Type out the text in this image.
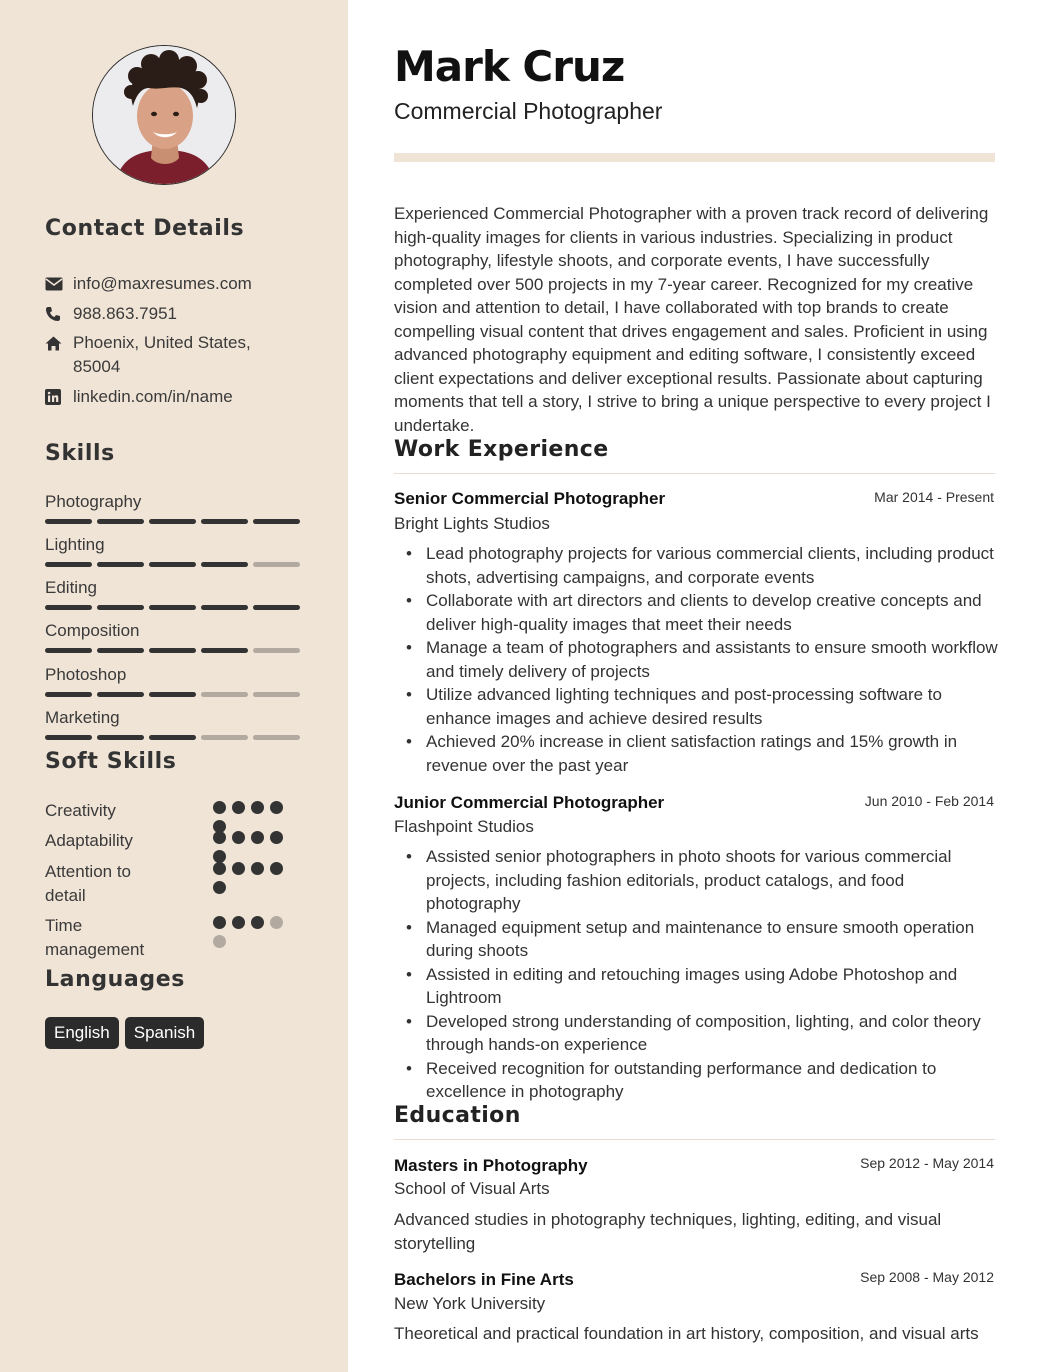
Contact Details
info@maxresumes.com
988.863.7951
Phoenix, United States, 85004
linkedin.com/in/name
Skills
Photography
Lighting
Editing
Composition
Photoshop
Marketing
Soft Skills
Creativity
Adaptability
Attention to detail
Time management
Languages
English	Spanish
Mark Cruz
Commercial Photographer
Experienced Commercial Photographer with a proven track record of delivering high-quality images for clients in various industries. Specializing in product photography, lifestyle shoots, and corporate events, I have successfully completed over 500 projects in my 7-year career. Recognized for my creative vision and attention to detail, I have collaborated with top brands to create compelling visual content that drives engagement and sales. Proficient in using advanced photography equipment and editing software, I consistently exceed client expectations and deliver exceptional results. Passionate about capturing moments that tell a story, I strive to bring a unique perspective to every project I undertake.
Work Experience
Senior Commercial Photographer	Mar 2014 - Present
Bright Lights Studios
• Lead photography projects for various commercial clients, including product shots, advertising campaigns, and corporate events
• Collaborate with art directors and clients to develop creative concepts and deliver high-quality images that meet their needs
• Manage a team of photographers and assistants to ensure smooth workflow and timely delivery of projects
• Utilize advanced lighting techniques and post-processing software to enhance images and achieve desired results
• Achieved 20% increase in client satisfaction ratings and 15% growth in revenue over the past year
Junior Commercial Photographer	Jun 2010 - Feb 2014
Flashpoint Studios
• Assisted senior photographers in photo shoots for various commercial projects, including fashion editorials, product catalogs, and food photography
• Managed equipment setup and maintenance to ensure smooth operation during shoots
• Assisted in editing and retouching images using Adobe Photoshop and Lightroom
• Developed strong understanding of composition, lighting, and color theory through hands-on experience
• Received recognition for outstanding performance and dedication to excellence in photography
Education
Masters in Photography	Sep 2012 - May 2014
School of Visual Arts
Advanced studies in photography techniques, lighting, editing, and visual storytelling
Bachelors in Fine Arts	Sep 2008 - May 2012
New York University
Theoretical and practical foundation in art history, composition, and visual arts
